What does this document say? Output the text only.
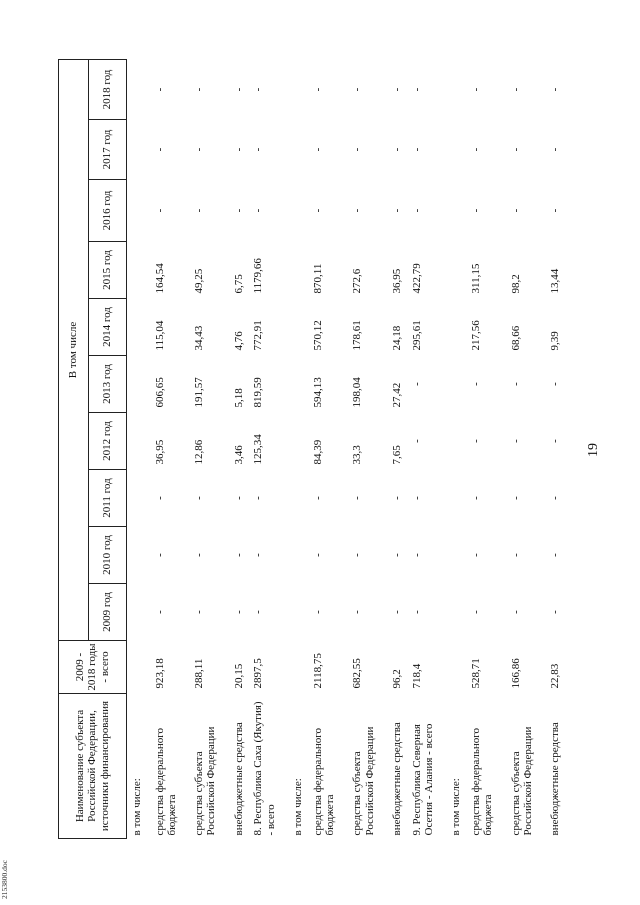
19
2153800.doc
Наименование субъекта Российской Федерации, источники финансирования	2009 - 2018 годы - всего	В том числе									
		2009 год	2010 год	2011 год	2012 год	2013 год	2014 год	2015 год	2016 год	2017 год	2018 год
в том числе:											
средства федерального бюджета	923,18	-	-	-	36,95	606,65	115,04	164,54	-	-	-
средства субъекта Российской Федерации	288,11	-	-	-	12,86	191,57	34,43	49,25	-	-	-
внебюджетные средства	20,15	-	-	-	3,46	5,18	4,76	6,75	-	-	-
8. Республика Саха (Якутия) - всего	2897,5	-	-	-	125,34	819,59	772,91	1179,66	-	-	-
в том числе:											
средства федерального бюджета	2118,75	-	-	-	84,39	594,13	570,12	870,11	-	-	-
средства субъекта Российской Федерации	682,55	-	-	-	33,3	198,04	178,61	272,6	-	-	-
внебюджетные средства	96,2	-	-	-	7,65	27,42	24,18	36,95	-	-	-
9. Республика Северная Осетия - Алания - всего	718,4	-	-	-	-	-	295,61	422,79	-	-	-
в том числе:											
средства федерального бюджета	528,71	-	-	-	-	-	217,56	311,15	-	-	-
средства субъекта Российской Федерации	166,86	-	-	-	-	-	68,66	98,2	-	-	-
внебюджетные средства	22,83	-	-	-	-	-	9,39	13,44	-	-	-
